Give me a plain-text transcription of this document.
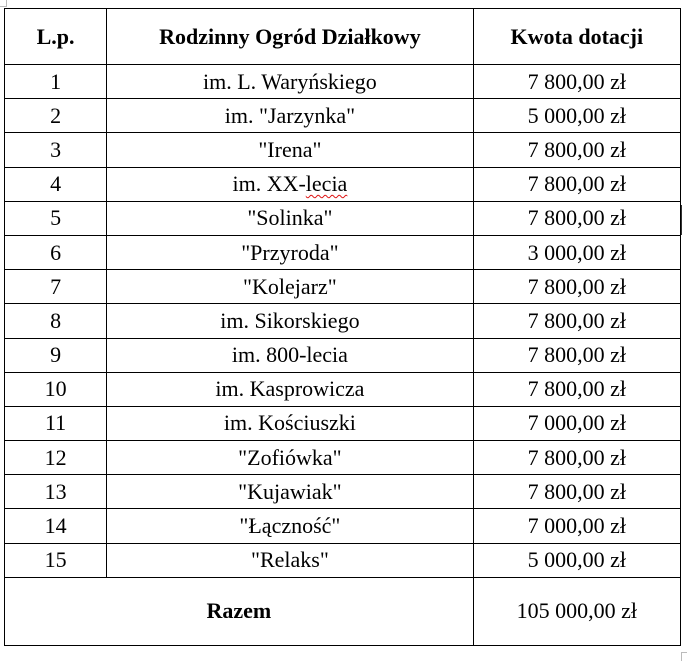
L.p.	Rodzinny Ogród Działkowy	Kwota dotacji
1	im. L. Waryńskiego	7 800,00 zł
2	im. "Jarzynka"	5 000,00 zł
3	"Irena"	7 800,00 zł
4	im. XX-lecia	7 800,00 zł
5	"Solinka"	7 800,00 zł
6	"Przyroda"	3 000,00 zł
7	"Kolejarz"	7 800,00 zł
8	im. Sikorskiego	7 800,00 zł
9	im. 800-lecia	7 800,00 zł
10	im. Kasprowicza	7 800,00 zł
11	im. Kościuszki	7 000,00 zł
12	"Zofiówka"	7 800,00 zł
13	"Kujawiak"	7 800,00 zł
14	"Łączność"	7 000,00 zł
15	"Relaks"	5 000,00 zł
Razem		105 000,00 zł
